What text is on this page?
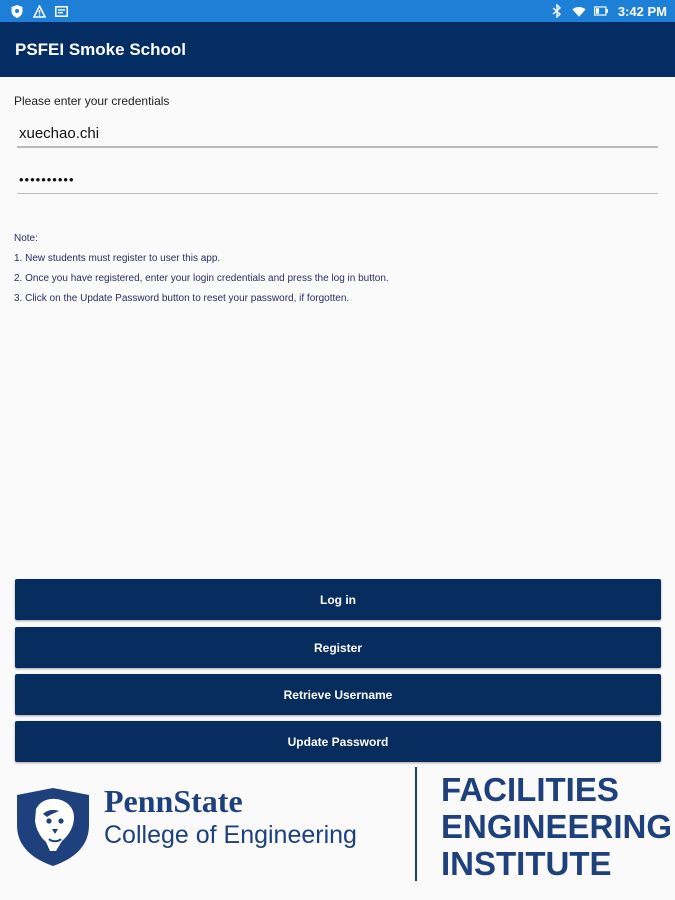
3:42 PM
PSFEI Smoke School
Please enter your credentials
xuechao.chi
••••••••••
Note:
1. New students must register to user this app.
2. Once you have registered, enter your login credentials and press the log in button.
3. Click on the Update Password button to reset your password, if forgotten.
Log in
Register
Retrieve Username
Update Password
PennState
College of Engineering
FACILITIES
ENGINEERING
INSTITUTE
